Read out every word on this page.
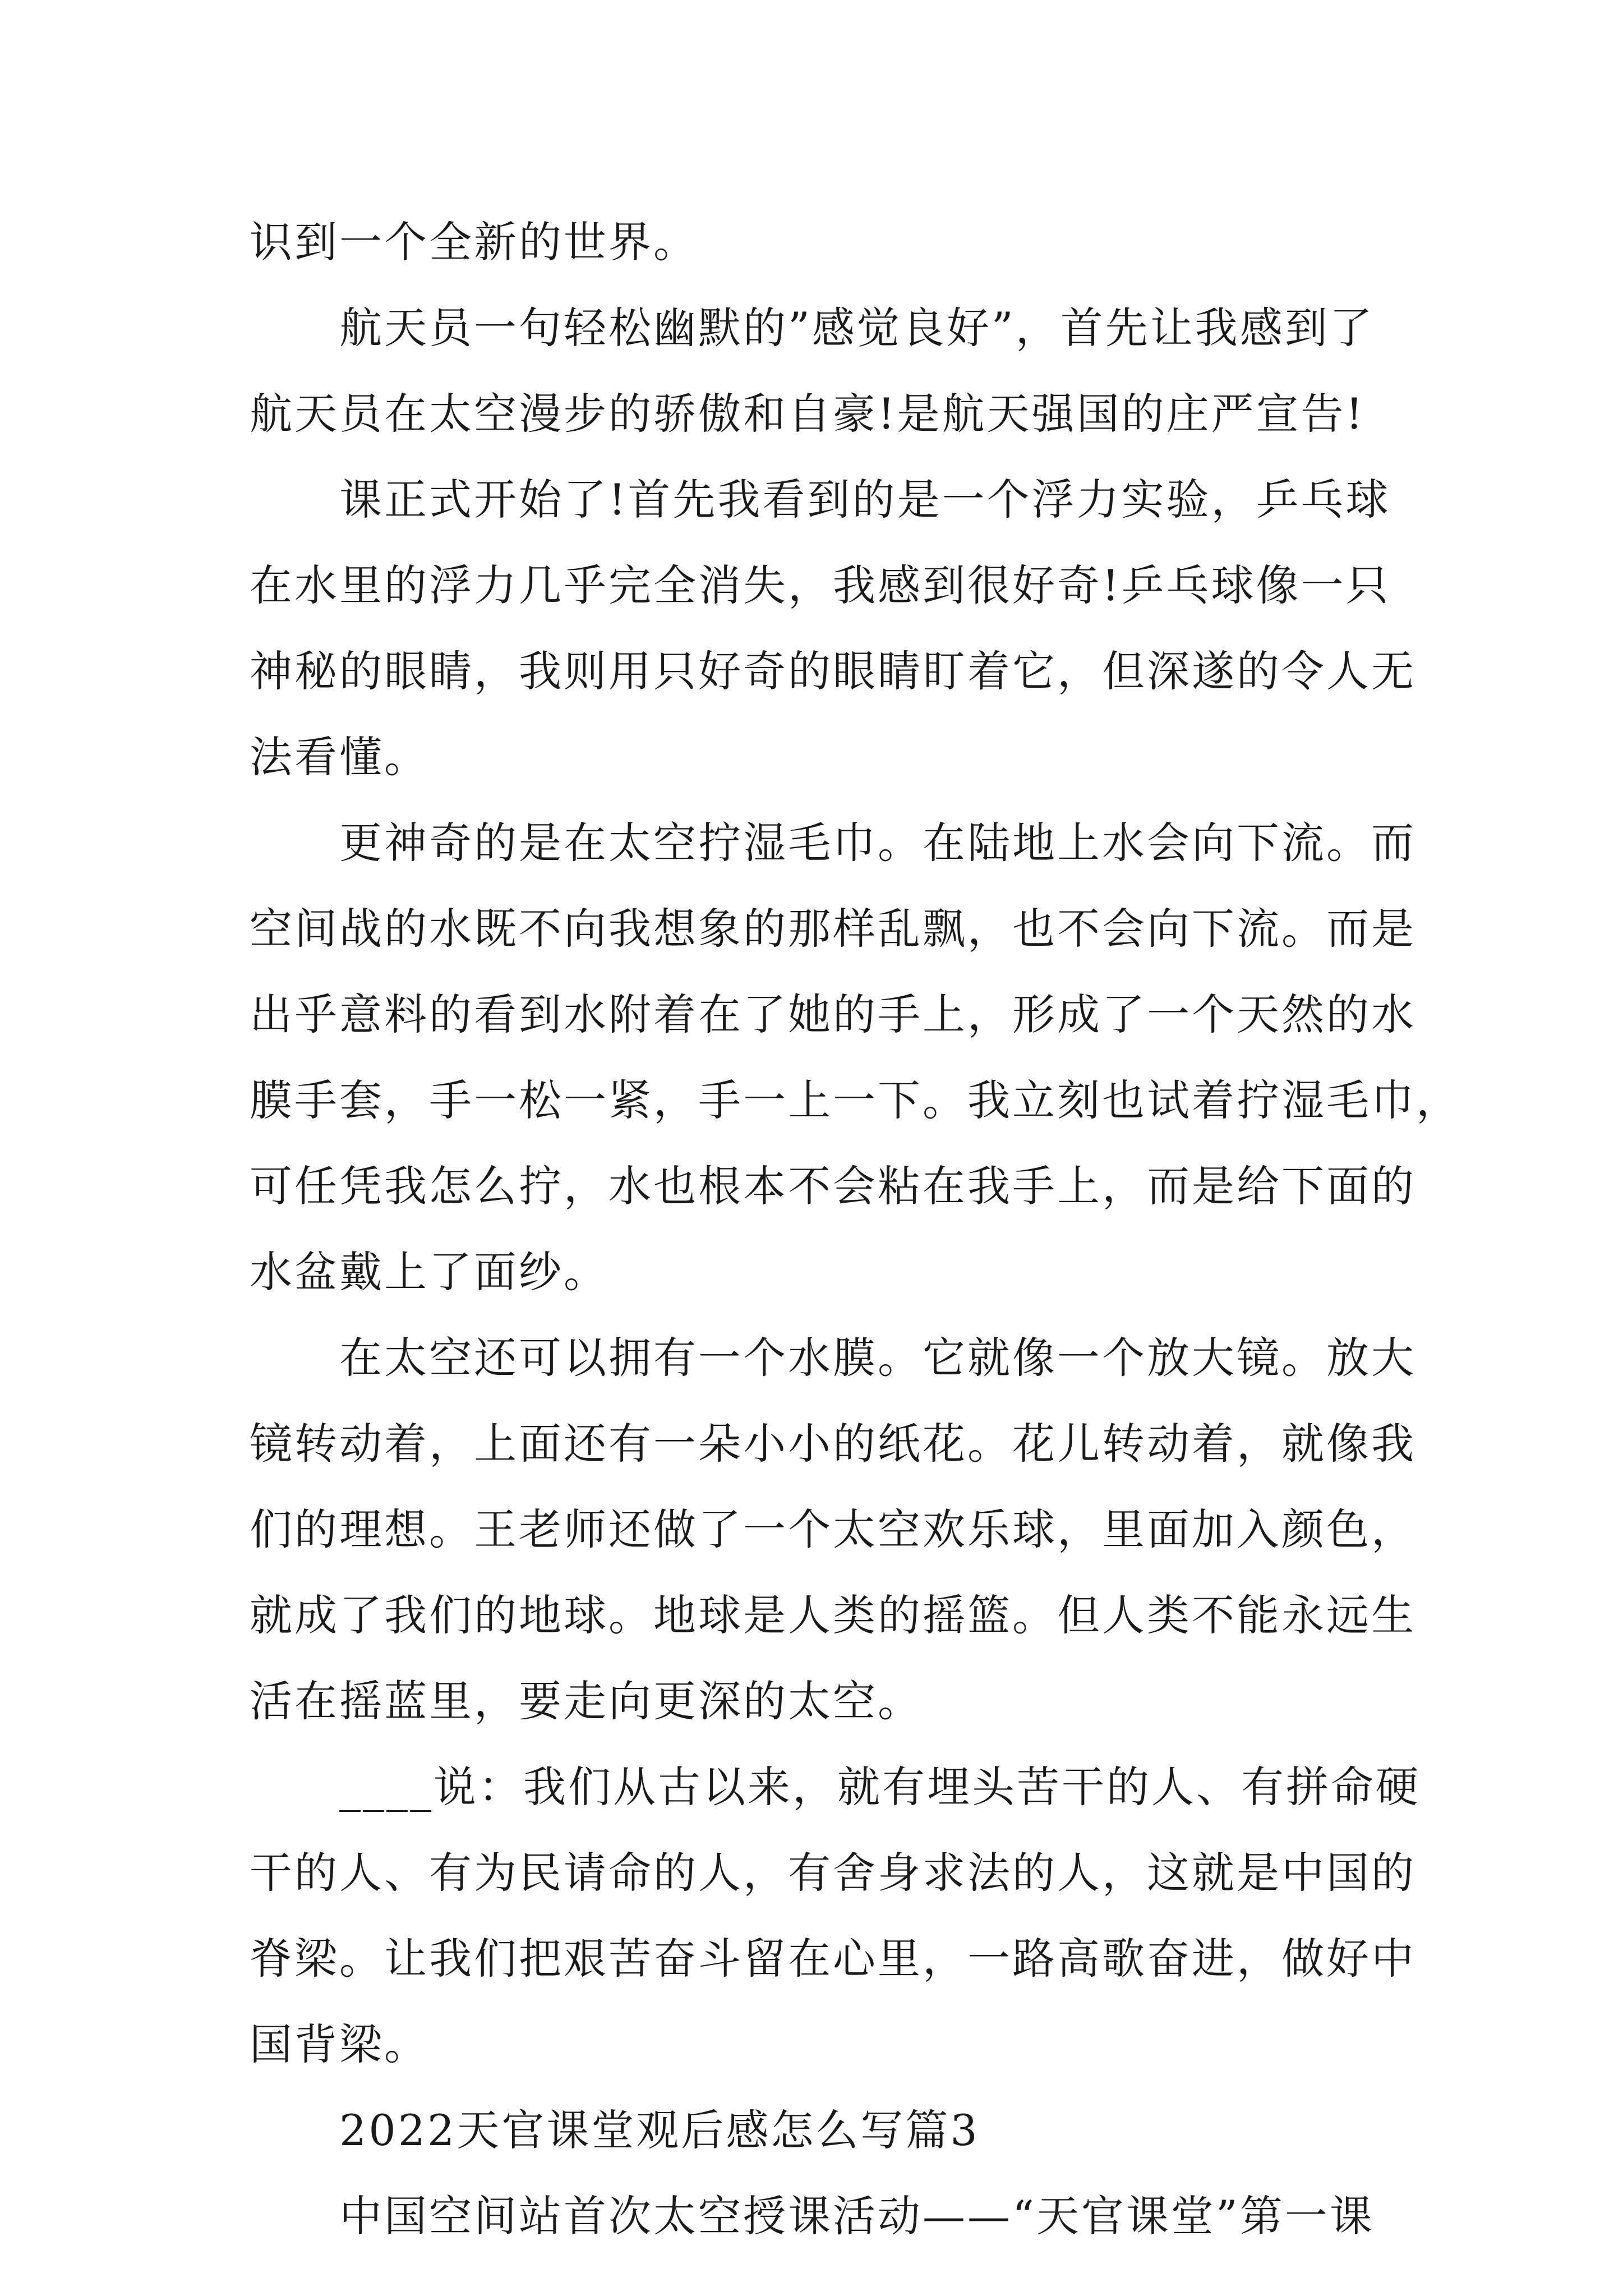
识到一个全新的世界。
航天员一句轻松幽默的”感觉良好”，首先让我感到了
航天员在太空漫步的骄傲和自豪!是航天强国的庄严宣告!
课正式开始了!首先我看到的是一个浮力实验，乒乓球
在水里的浮力几乎完全消失，我感到很好奇!乒乓球像一只
神秘的眼睛，我则用只好奇的眼睛盯着它，但深遂的令人无
法看懂。
更神奇的是在太空拧湿毛巾。在陆地上水会向下流。而
空间战的水既不向我想象的那样乱飘，也不会向下流。而是
出乎意料的看到水附着在了她的手上，形成了一个天然的水
膜手套，手一松一紧，手一上一下。我立刻也试着拧湿毛巾，
可任凭我怎么拧，水也根本不会粘在我手上，而是给下面的
水盆戴上了面纱。
在太空还可以拥有一个水膜。它就像一个放大镜。放大
镜转动着，上面还有一朵小小的纸花。花儿转动着，就像我
们的理想。王老师还做了一个太空欢乐球，里面加入颜色，
就成了我们的地球。地球是人类的摇篮。但人类不能永远生
活在摇蓝里，要走向更深的太空。
____说：我们从古以来，就有埋头苦干的人、有拼命硬
干的人、有为民请命的人，有舍身求法的人，这就是中国的
脊梁。让我们把艰苦奋斗留在心里，一路高歌奋进，做好中
国背梁。
2022天官课堂观后感怎么写篇3
中国空间站首次太空授课活动——“天官课堂”第一课
